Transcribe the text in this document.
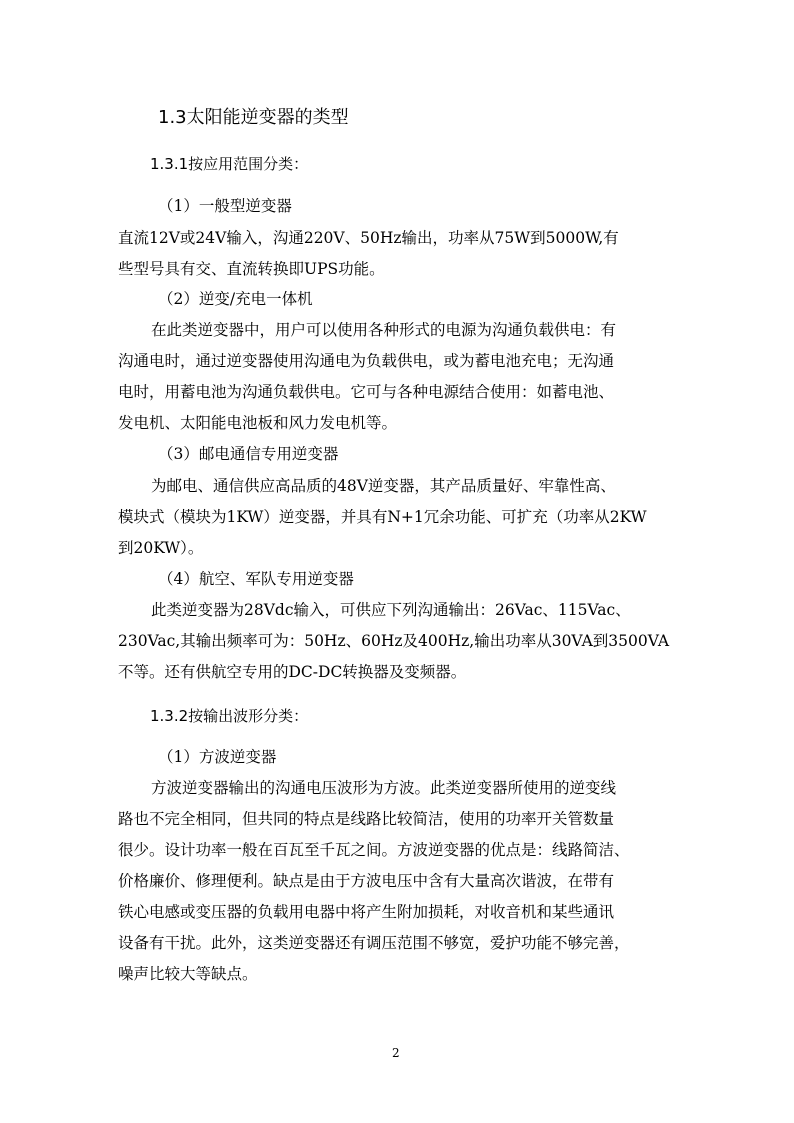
1.3太阳能逆变器的类型
1.3.1按应用范围分类：
（1）一般型逆变器
直流12V或24V输入，沟通220V、50Hz输出，功率从75W到5000W,有
些型号具有交、直流转换即UPS功能。
（2）逆变/充电一体机
在此类逆变器中，用户可以使用各种形式的电源为沟通负载供电：有
沟通电时，通过逆变器使用沟通电为负载供电，或为蓄电池充电；无沟通
电时，用蓄电池为沟通负载供电。它可与各种电源结合使用：如蓄电池、
发电机、太阳能电池板和风力发电机等。
（3）邮电通信专用逆变器
为邮电、通信供应高品质的48V逆变器，其产品质量好、牢靠性高、
模块式（模块为1KW）逆变器，并具有N+1冗余功能、可扩充（功率从2KW
到20KW）。
（4）航空、军队专用逆变器
此类逆变器为28Vdc输入，可供应下列沟通输出：26Vac、115Vac、
230Vac,其输出频率可为：50Hz、60Hz及400Hz,输出功率从30VA到3500VA
不等。还有供航空专用的DC-DC转换器及变频器。
1.3.2按输出波形分类：
（1）方波逆变器
方波逆变器输出的沟通电压波形为方波。此类逆变器所使用的逆变线
路也不完全相同，但共同的特点是线路比较简洁，使用的功率开关管数量
很少。设计功率一般在百瓦至千瓦之间。方波逆变器的优点是：线路简洁、
价格廉价、修理便利。缺点是由于方波电压中含有大量高次谐波，在带有
铁心电感或变压器的负载用电器中将产生附加损耗，对收音机和某些通讯
设备有干扰。此外，这类逆变器还有调压范围不够宽，爱护功能不够完善，
噪声比较大等缺点。
2
